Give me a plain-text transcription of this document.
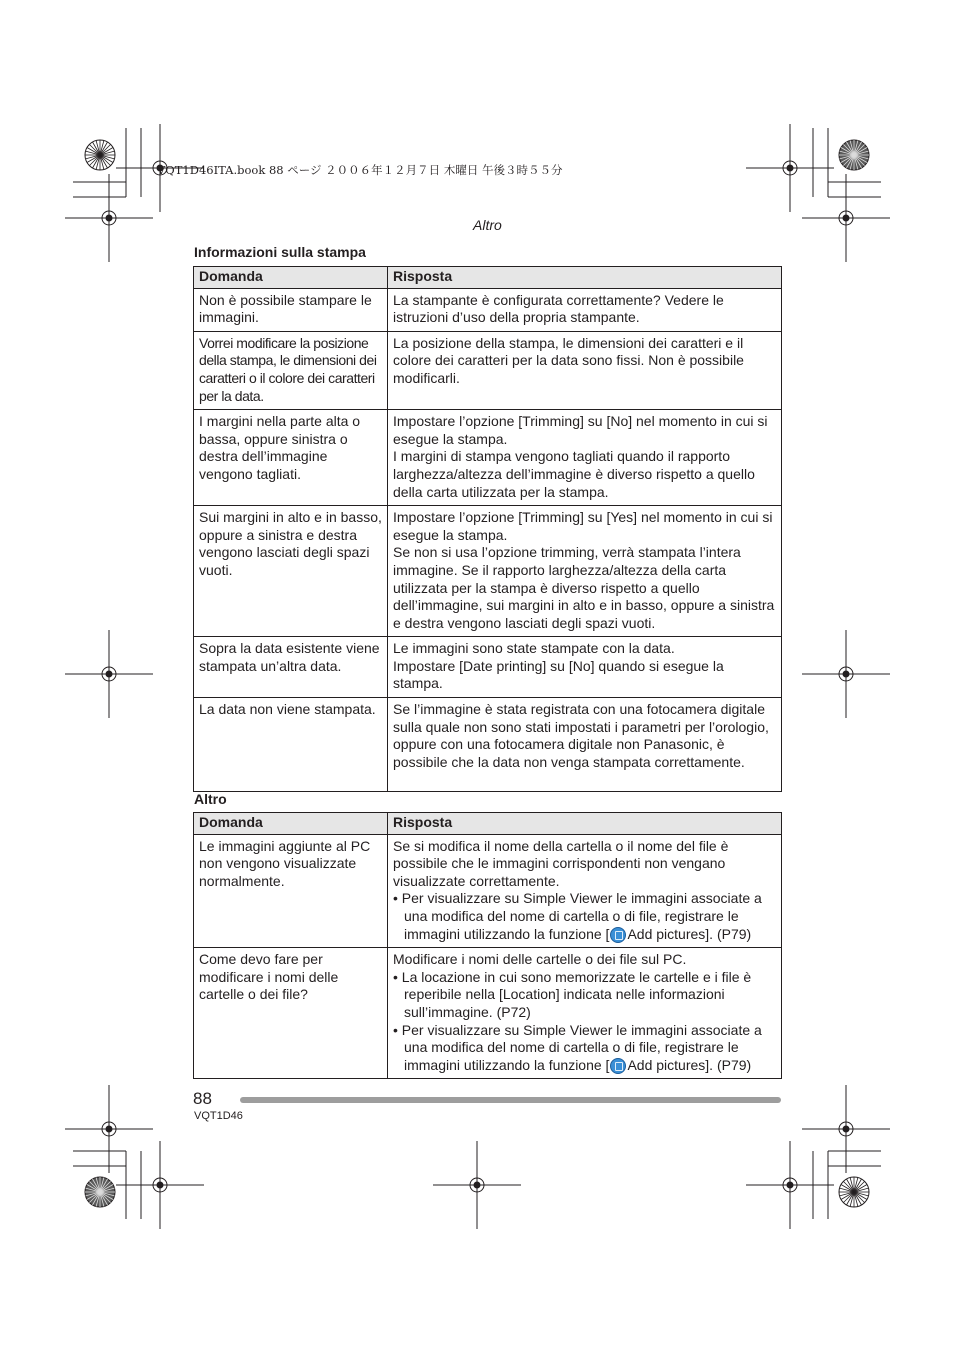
VQT1D46ITA.book 88 ページ ２００６年１２月７日 木曜日 午後３時５５分
Altro
Informazioni sulla stampa
Domanda	Risposta
Non è possibile stampare le immagini.	La stampante è configurata correttamente? Vedere le istruzioni d’uso della propria stampante.
Vorrei modificare la posizione della stampa, le dimensioni dei caratteri o il colore dei caratteri per la data.	La posizione della stampa, le dimensioni dei caratteri e il colore dei caratteri per la data sono fissi. Non è possibile modificarli.
I margini nella parte alta o bassa, oppure sinistra o destra dell’immagine vengono tagliati.	Impostare l’opzione [Trimming] su [No] nel momento in cui si esegue la stampa.
I margini di stampa vengono tagliati quando il rapporto larghezza/altezza dell’immagine è diverso rispetto a quello della carta utilizzata per la stampa.

Sui margini in alto e in basso, oppure a sinistra e destra vengono lasciati degli spazi vuoti.	Impostare l’opzione [Trimming] su [Yes] nel momento in cui si esegue la stampa.
Se non si usa l’opzione trimming, verrà stampata l’intera immagine. Se il rapporto larghezza/altezza della carta utilizzata per la stampa è diverso rispetto a quello dell’immagine, sui margini in alto e in basso, oppure a sinistra e destra vengono lasciati degli spazi vuoti.

Sopra la data esistente viene stampata un’altra data.	Le immagini sono state stampate con la data.
Impostare [Date printing] su [No] quando si esegue la stampa.

La data non viene stampata.	Se l’immagine è stata registrata con una fotocamera digitale sulla quale non sono stati impostati i parametri per l’orologio, oppure con una fotocamera digitale non Panasonic, è possibile che la data non venga stampata correttamente.
Altro
Domanda	Risposta
Le immagini aggiunte al PC non vengono visualizzate normalmente.	Se si modifica il nome della cartella o il nome del file è possibile che le immagini corrispondenti non vengano visualizzate correttamente.
• Per visualizzare su Simple Viewer le immagini associate a una modifica del nome di cartella o di file, registrare le immagini utilizzando la funzione [ Add pictures]. (P79)

Come devo fare per modificare i nomi delle cartelle o dei file?	Modificare i nomi delle cartelle o dei file sul PC.
• La locazione in cui sono memorizzate le cartelle e i file è reperibile nella [Location] indicata nelle informazioni sull’immagine. (P72)
• Per visualizzare su Simple Viewer le immagini associate a una modifica del nome di cartella o di file, registrare le immagini utilizzando la funzione [ Add pictures]. (P79)
88
VQT1D46
